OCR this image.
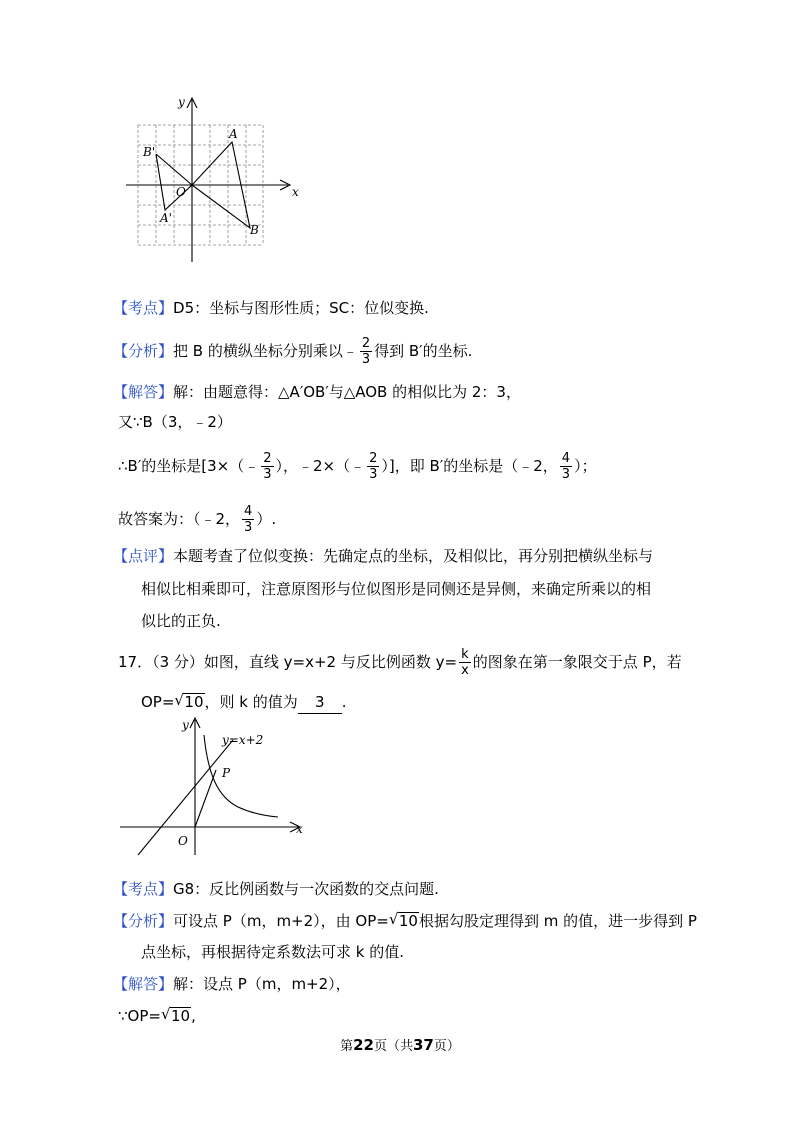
x
y
A
B
A'
B'
O
【考点】D5：坐标与图形性质；SC：位似变换.
【分析】把 B 的横纵坐标分别乘以﹣ $\frac{2}{3}$ 得到 B′的坐标.
【解答】解：由题意得：△A′OB′与△AOB 的相似比为 2：3，
又∵B（3，﹣2）
∴B′的坐标是[3×（﹣ $\frac{2}{3}$ ），﹣2×（﹣ $\frac{2}{3}$ ）]，即 B′的坐标是（﹣2， $\frac{4}{3}$ ）；
故答案为：（﹣2， $\frac{4}{3}$ ）.
【点评】本题考查了位似变换：先确定点的坐标，及相似比，再分别把横纵坐标与
相似比相乘即可，注意原图形与位似图形是同侧还是异侧，来确定所乘以的相
似比的正负.
17．（3 分）如图，直线 y=x+2 与反比例函数 $y= \frac{k}{x}$ 的图象在第一象限交于点 P，若
OP= √ 10，则 k 的值为 3 .
x
y
y=x+2
P
O
【考点】G8：反比例函数与一次函数的交点问题.
【分析】可设点 P（m，m+2），由 OP= √ 10根据勾股定理得到 m 的值，进一步得到 P
点坐标，再根据待定系数法可求 k 的值.
【解答】解：设点 P（m，m+2），
∵OP= √ 10,
第22页（共37页）
